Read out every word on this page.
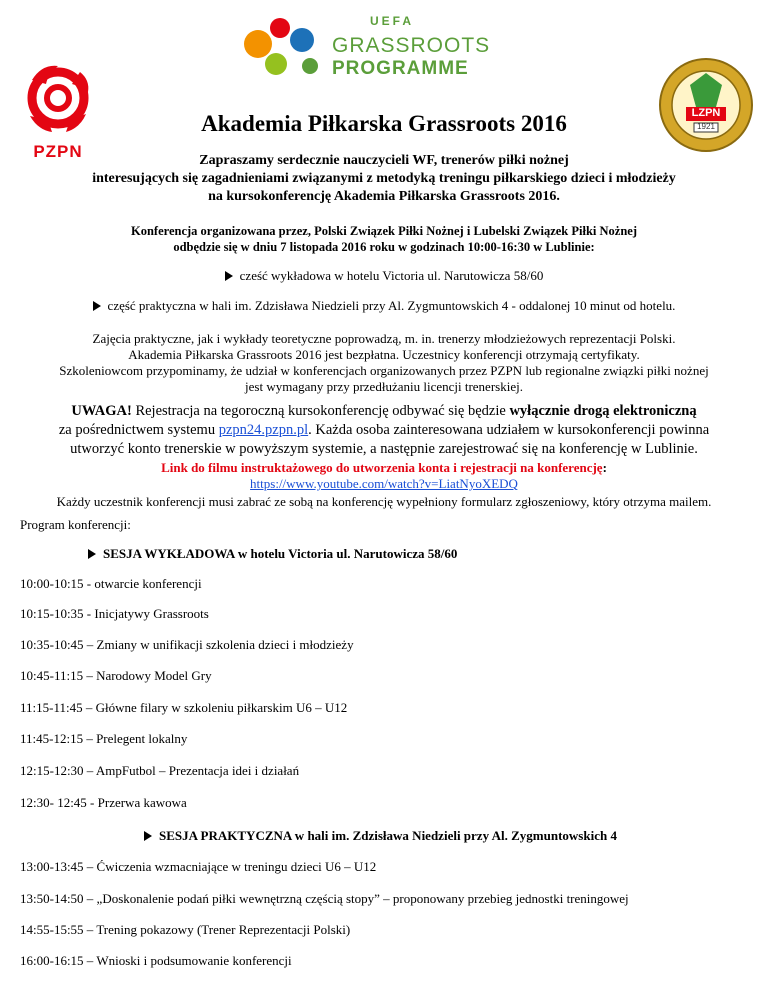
PZPN
UEFA
GRASSROOTS
PROGRAMME
LZPN
1921
Akademia Piłkarska Grassroots 2016
Zapraszamy serdecznie nauczycieli WF, trenerów piłki nożnej
interesujących się zagadnieniami związanymi z metodyką treningu piłkarskiego dzieci i młodzieży
na kursokonferencję Akademia Piłkarska Grassroots 2016.
Konferencja organizowana przez, Polski Związek Piłki Nożnej i Lubelski Związek Piłki Nożnej
odbędzie się w dniu 7 listopada 2016 roku w godzinach 10:00-16:30 w Lublinie:
cześć wykładowa w hotelu Victoria ul. Narutowicza 58/60
część praktyczna w hali im. Zdzisława Niedzieli przy Al. Zygmuntowskich 4 - oddalonej 10 minut od hotelu.
Zajęcia praktyczne, jak i wykłady teoretyczne poprowadzą, m. in. trenerzy młodzieżowych reprezentacji Polski.
Akademia Piłkarska Grassroots 2016 jest bezpłatna. Uczestnicy konferencji otrzymają certyfikaty.
Szkoleniowcom przypominamy, że udział w konferencjach organizowanych przez PZPN lub regionalne związki piłki nożnej
jest wymagany przy przedłużaniu licencji trenerskiej.
UWAGA! Rejestracja na tegoroczną kursokonferencję odbywać się będzie wyłącznie drogą elektroniczną
za pośrednictwem systemu pzpn24.pzpn.pl. Każda osoba zainteresowana udziałem w kursokonferencji powinna
utworzyć konto trenerskie w powyższym systemie, a następnie zarejestrować się na konferencję w Lublinie.
Link do filmu instruktażowego do utworzenia konta i rejestracji na konferencję:
https://www.youtube.com/watch?v=LiatNyoXEDQ
Każdy uczestnik konferencji musi zabrać ze sobą na konferencję wypełniony formularz zgłoszeniowy, który otrzyma mailem.
Program konferencji:
SESJA WYKŁADOWA w hotelu Victoria ul. Narutowicza 58/60
10:00-10:15 - otwarcie konferencji
10:15-10:35 - Inicjatywy Grassroots
10:35-10:45 – Zmiany w unifikacji szkolenia dzieci i młodzieży
10:45-11:15 – Narodowy Model Gry
11:15-11:45 – Główne filary w szkoleniu piłkarskim U6 – U12
11:45-12:15 – Prelegent lokalny
12:15-12:30 – AmpFutbol – Prezentacja idei i działań
12:30- 12:45 - Przerwa kawowa
SESJA PRAKTYCZNA w hali im. Zdzisława Niedzieli przy Al. Zygmuntowskich 4
13:00-13:45 – Ćwiczenia wzmacniające w treningu dzieci U6 – U12
13:50-14:50 – „Doskonalenie podań piłki wewnętrzną częścią stopy” – proponowany przebieg jednostki treningowej
14:55-15:55 – Trening pokazowy (Trener Reprezentacji Polski)
16:00-16:15 – Wnioski i podsumowanie konferencji
